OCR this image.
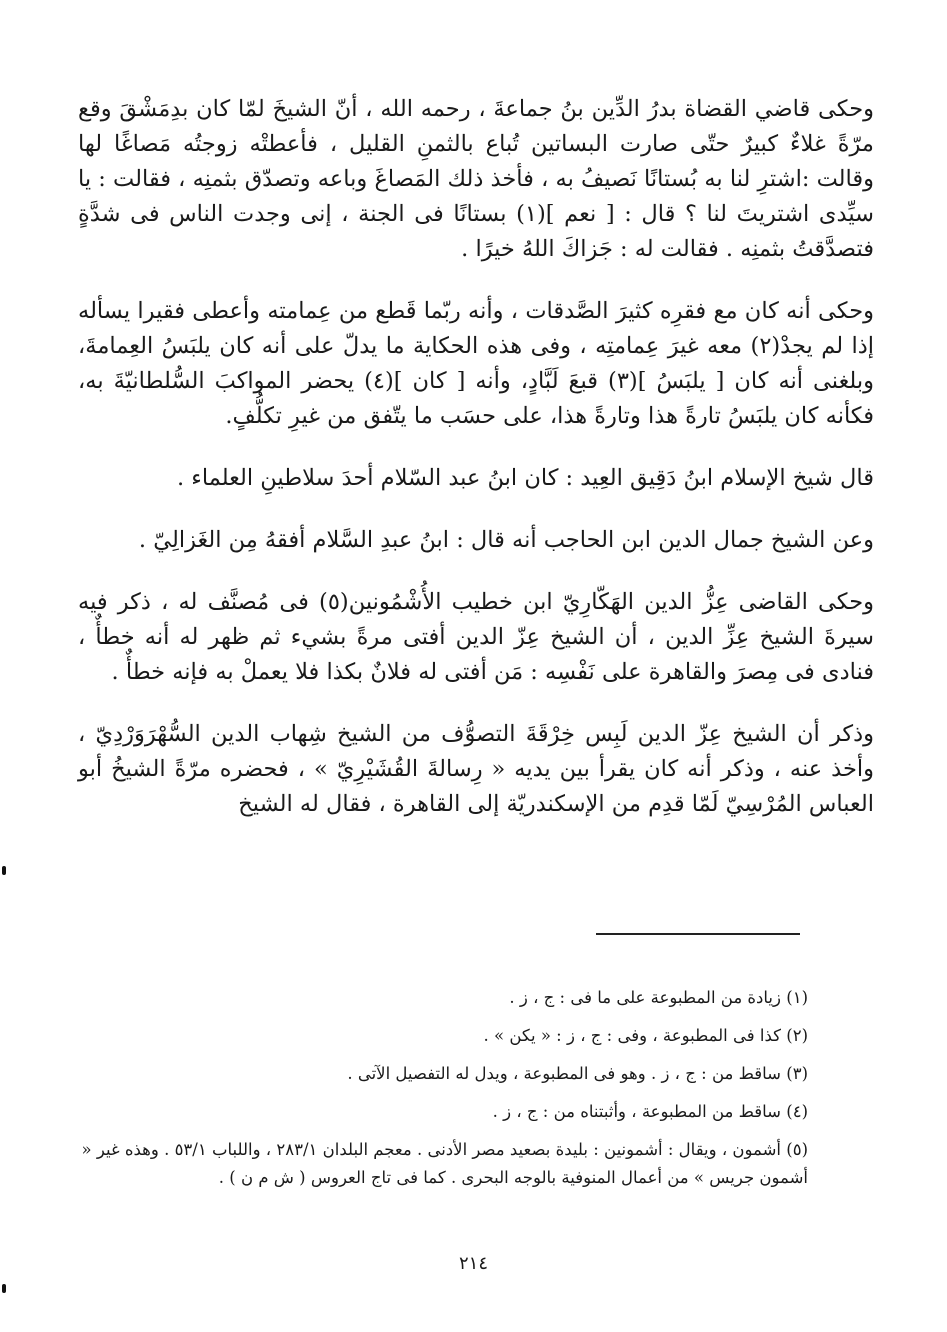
وحكى قاضي القضاة بدرُ الدِّين بنُ جماعةَ ، رحمه الله ، أنّ الشيخَ لمّا كان بدِمَشْقَ وقع مرّةً غلاءٌ كبيرٌ حتّى صارت البساتين تُباع بالثمنِ القليل ، فأعطتْه زوجتُه مَصاغًا لها وقالت :اشترِ لنا به بُستانًا نَصيفُ به ، فأخذ ذلك المَصاغَ وباعه وتصدّق بثمنِه ، فقالت : يا سيِّدى اشتريتَ لنا ؟ قال : [ نعم ](١) بستانًا فى الجنة ، إنى وجدت الناس فى شدَّةٍ فتصدَّقتُ بثمنِه . فقالت له : جَزاكَ اللهُ خيرًا .

وحكى أنه كان مع فقرِه كثيرَ الصَّدقات ، وأنه ربّما قَطع من عِمامته وأعطى فقيرا يسأله إذا لم يجدْ(٢) معه غيرَ عِمامتِه ، وفى هذه الحكاية ما يدلّ على أنه كان يلبَسُ العِمامةَ، وبلغنى أنه كان [ يلبَسُ ](٣) قبعَ لَبَّادٍ، وأنه [ كان ](٤) يحضر المواكبَ السُّلطانيّةَ به، فكأنه كان يلبَسُ تارةً هذا وتارةً هذا، على حسَب ما يتّفق من غيرِ تكلُّفٍ.

قال شيخ الإسلام ابنُ دَقِيق العِيد : كان ابنُ عبد السّلام أحدَ سلاطينِ العلماء .

وعن الشيخ جمال الدين ابن الحاجب أنه قال : ابنُ عبدِ السَّلام أفقهُ مِن الغَزالِيّ .

وحكى القاضى عِزُّ الدين الهَكّارِيّ ابن خطيب الأُشْمُونين(٥) فى مُصنَّف له ، ذكر فيه سيرةَ الشيخ عِزِّ الدين ، أن الشيخ عِزّ الدين أفتى مرةً بشيء ثم ظهر له أنه خطأٌ ، فنادى فى مِصرَ والقاهرة على نَفْسِه : مَن أفتى له فلانٌ بكذا فلا يعملْ به فإنه خطأٌ .

وذكر أن الشيخ عِزّ الدين لَبِس خِرْقَةَ التصوُّف من الشيخ شِهاب الدين السُّهْرَوَرْدِيّ ، وأخذ عنه ، وذكر أنه كان يقرأ بين يديه « رِسالةَ القُشَيْرِيّ » ، فحضره مرّةً الشيخُ أبو العباس المُرْسِيّ لَمّا قدِم من الإسكندريّة إلى القاهرة ، فقال له الشيخ

(١) زيادة من المطبوعة على ما فى : ج ، ز .

(٢) كذا فى المطبوعة ، وفى : ج ، ز : « يكن » .

(٣) ساقط من : ج ، ز . وهو فى المطبوعة ، ويدل له التفصيل الآتى .

(٤) ساقط من المطبوعة ، وأثبتناه من : ج ، ز .

(٥) أشمون ، ويقال : أشمونين : بليدة بصعيد مصر الأدنى . معجم البلدان ٢٨٣/١ ، واللباب ٥٣/١ . وهذه غير « أشمون جريس » من أعمال المنوفية بالوجه البحرى . كما فى تاج العروس ( ش م ن ) .

٢١٤
